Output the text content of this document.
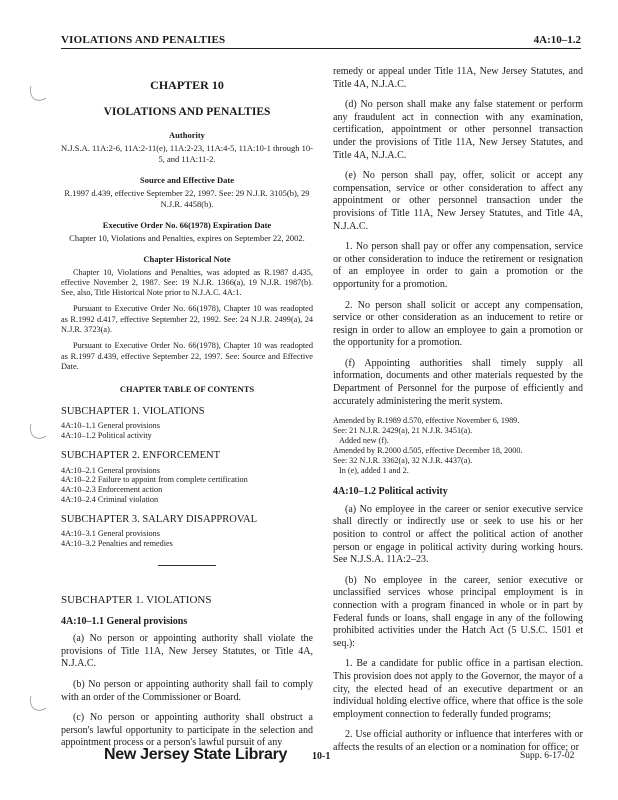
VIOLATIONS AND PENALTIES	4A:10–1.2
CHAPTER 10
VIOLATIONS AND PENALTIES
Authority
N.J.S.A. 11A:2-6, 11A:2-11(e), 11A:2-23, 11A:4-5, 11A:10-1 through 10-5, and 11A:11-2.
Source and Effective Date
R.1997 d.439, effective September 22, 1997. See: 29 N.J.R. 3105(b), 29 N.J.R. 4458(b).
Executive Order No. 66(1978) Expiration Date
Chapter 10, Violations and Penalties, expires on September 22, 2002.
Chapter Historical Note

Chapter 10, Violations and Penalties, was adopted as R.1987 d.435, effective November 2, 1987. See: 19 N.J.R. 1366(a), 19 N.J.R. 1987(b). See, also, Title Historical Note prior to N.J.A.C. 4A:1.

Pursuant to Executive Order No. 66(1978), Chapter 10 was readopted as R.1992 d.417, effective September 22, 1992. See: 24 N.J.R. 2499(a), 24 N.J.R. 3723(a).

Pursuant to Executive Order No. 66(1978), Chapter 10 was readopted as R.1997 d.439, effective September 22, 1997. See: Source and Effective Date.

CHAPTER TABLE OF CONTENTS
SUBCHAPTER 1. VIOLATIONS
4A:10–1.1 General provisions
4A:10–1.2 Political activity
SUBCHAPTER 2. ENFORCEMENT
4A:10–2.1 General provisions
4A:10–2.2 Failure to appoint from complete certification
4A:10–2.3 Enforcement action
4A:10–2.4 Criminal violation
SUBCHAPTER 3. SALARY DISAPPROVAL
4A:10–3.1 General provisions
4A:10–3.2 Penalties and remedies
SUBCHAPTER 1. VIOLATIONS
4A:10–1.1 General provisions

(a) No person or appointing authority shall violate the provisions of Title 11A, New Jersey Statutes, or Title 4A, N.J.A.C.

(b) No person or appointing authority shall fail to comply with an order of the Commissioner or Board.

(c) No person or appointing authority shall obstruct a person's lawful opportunity to participate in the selection and appointment process or a person's lawful pursuit of any

remedy or appeal under Title 11A, New Jersey Statutes, and Title 4A, N.J.A.C.

(d) No person shall make any false statement or perform any fraudulent act in connection with any examination, certification, appointment or other personnel transaction under the provisions of Title 11A, New Jersey Statutes, and Title 4A, N.J.A.C.

(e) No person shall pay, offer, solicit or accept any compensation, service or other consideration to affect any appointment or other personnel transaction under the provisions of Title 11A, New Jersey Statutes, and Title 4A, N.J.A.C.

1. No person shall pay or offer any compensation, service or other consideration to induce the retirement or resignation of an employee in order to gain a promotion or the opportunity for a promotion.

2. No person shall solicit or accept any compensation, service or other consideration as an inducement to retire or resign in order to allow an employee to gain a promotion or the opportunity for a promotion.

(f) Appointing authorities shall timely supply all information, documents and other materials requested by the Department of Personnel for the purpose of efficiently and accurately administering the merit system.

Amended by R.1989 d.570, effective November 6, 1989.
See: 21 N.J.R. 2429(a), 21 N.J.R. 3451(a).
Added new (f).
Amended by R.2000 d.505, effective December 18, 2000.
See: 32 N.J.R. 3362(a), 32 N.J.R. 4437(a).
In (e), added 1 and 2.
4A:10–1.2 Political activity

(a) No employee in the career or senior executive service shall directly or indirectly use or seek to use his or her position to control or affect the political action of another person or engage in political activity during working hours. See N.J.S.A. 11A:2–23.

(b) No employee in the career, senior executive or unclassified services whose principal employment is in connection with a program financed in whole or in part by Federal funds or loans, shall engage in any of the following prohibited activities under the Hatch Act (5 U.S.C. 1501 et seq.):

1. Be a candidate for public office in a partisan election. This provision does not apply to the Governor, the mayor of a city, the elected head of an executive department or an individual holding elective office, where that office is the sole employment connection to federally funded programs;

2. Use official authority or influence that interferes with or affects the results of an election or a nomination for office; or

New Jersey State Library 10-1	Supp. 6-17-02
